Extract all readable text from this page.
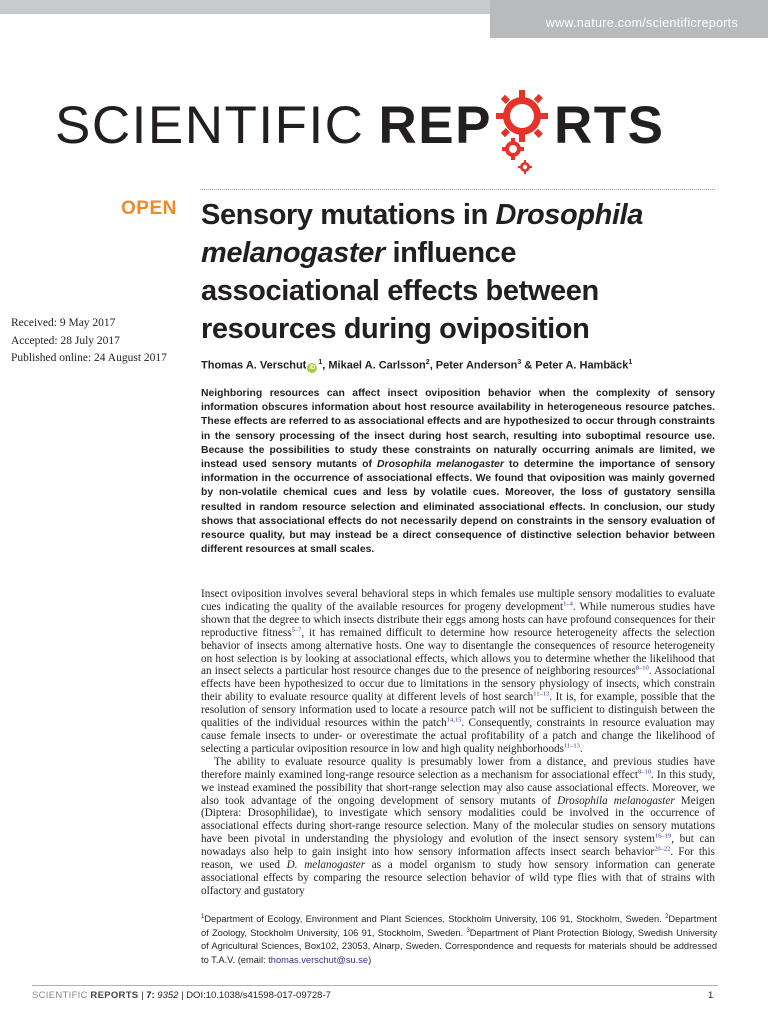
www.nature.com/scientificreports
SCIENTIFIC REP RTS
OPEN Sensory mutations in Drosophila melanogaster influence associational effects between resources during oviposition
Received: 9 May 2017
Accepted: 28 July 2017
Published online: 24 August 2017
Thomas A. Verschut $iD^1$, Mikael A. Carlsson$^2$, Peter Anderson$^3$ & Peter A. Hambäck$^1$
Neighboring resources can affect insect oviposition behavior when the complexity of sensory information obscures information about host resource availability in heterogeneous resource patches. These effects are referred to as associational effects and are hypothesized to occur through constraints in the sensory processing of the insect during host search, resulting into suboptimal resource use. Because the possibilities to study these constraints on naturally occurring animals are limited, we instead used sensory mutants of Drosophila melanogaster to determine the importance of sensory information in the occurrence of associational effects. We found that oviposition was mainly governed by non-volatile chemical cues and less by volatile cues. Moreover, the loss of gustatory sensilla resulted in random resource selection and eliminated associational effects. In conclusion, our study shows that associational effects do not necessarily depend on constraints in the sensory evaluation of resource quality, but may instead be a direct consequence of distinctive selection behavior between different resources at small scales.

Insect oviposition involves several behavioral steps in which females use multiple sensory modalities to evaluate cues indicating the quality of the available resources for progeny development$^{1-4}$. While numerous studies have shown that the degree to which insects distribute their eggs among hosts can have profound consequences for their reproductive fitness$^{5-7}$, it has remained difficult to determine how resource heterogeneity affects the selection behavior of insects among alternative hosts. One way to disentangle the consequences of resource heterogeneity on host selection is by looking at associational effects, which allows you to determine whether the likelihood that an insect selects a particular host resource changes due to the presence of neighboring resources$^{8-10}$. Associational effects have been hypothesized to occur due to limitations in the sensory physiology of insects, which constrain their ability to evaluate resource quality at different levels of host search$^{11-13}$. It is, for example, possible that the resolution of sensory information used to locate a resource patch will not be sufficient to distinguish between the qualities of the individual resources within the patch$^{14,15}$. Consequently, constraints in resource evaluation may cause female insects to under- or overestimate the actual profitability of a patch and change the likelihood of selecting a particular oviposition resource in low and high quality neighborhoods$^{11-13}$.

The ability to evaluate resource quality is presumably lower from a distance, and previous studies have therefore mainly examined long-range resource selection as a mechanism for associational effect$^{8-10}$. In this study, we instead examined the possibility that short-range selection may also cause associational effects. Moreover, we also took advantage of the ongoing development of sensory mutants of Drosophila melanogaster Meigen (Diptera: Drosophilidae), to investigate which sensory modalities could be involved in the occurrence of associational effects during short-range resource selection. Many of the molecular studies on sensory mutations have been pivotal in understanding the physiology and evolution of the insect sensory system$^{16-19}$, but can nowadays also help to gain insight into how sensory information affects insect search behavior$^{20-22}$. For this reason, we used D. melanogaster as a model organism to study how sensory information can generate associational effects by comparing the resource selection behavior of wild type flies with that of strains with olfactory and gustatory

$^1$Department of Ecology, Environment and Plant Sciences, Stockholm University, 106 91, Stockholm, Sweden. $^2$Department of Zoology, Stockholm University, 106 91, Stockholm, Sweden. $^3$Department of Plant Protection Biology, Swedish University of Agricultural Sciences, Box102, 23053, Alnarp, Sweden. Correspondence and requests for materials should be addressed to T.A.V. (email: thomas.verschut@su.se)
SCIENTIFIC REPORTS | 7: 9352 | DOI:10.1038/s41598-017-09728-7	1
